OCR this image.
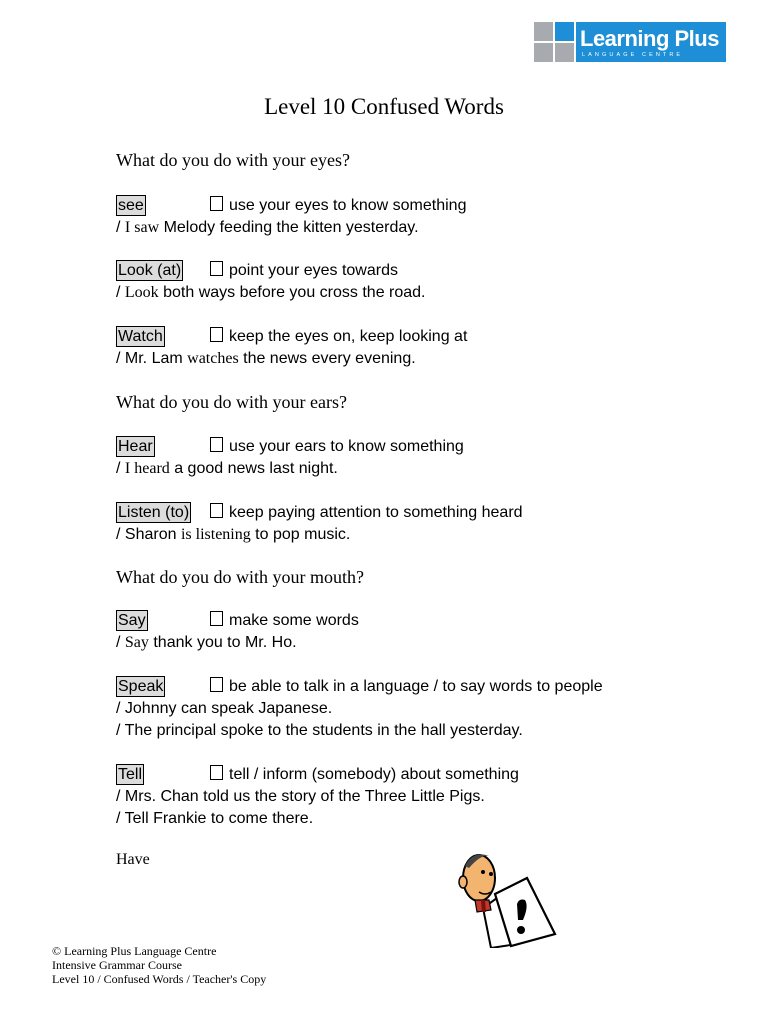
Learning Plus
LANGUAGE CENTRE
Level 10 Confused Words
What do you do with your eyes?
see	use your eyes to know something
/ I saw Melody feeding the kitten yesterday.
Look (at)	point your eyes towards
/ Look both ways before you cross the road.
Watch	keep the eyes on, keep looking at
/ Mr. Lam watches the news every evening.
What do you do with your ears?
Hear	use your ears to know something
/ I heard a good news last night.
Listen (to)	keep paying attention to something heard
/ Sharon is listening to pop music.
What do you do with your mouth?
Say	make some words
/ Say thank you to Mr. Ho.
Speak	be able to talk in a language / to say words to people
/ Johnny can speak Japanese.
/ The principal spoke to the students in the hall yesterday.
Tell	tell / inform (somebody) about something
/ Mrs. Chan told us the story of the Three Little Pigs.
/ Tell Frankie to come there.
Have
© Learning Plus Language Centre
Intensive Grammar Course
Level 10 / Confused Words / Teacher's Copy
